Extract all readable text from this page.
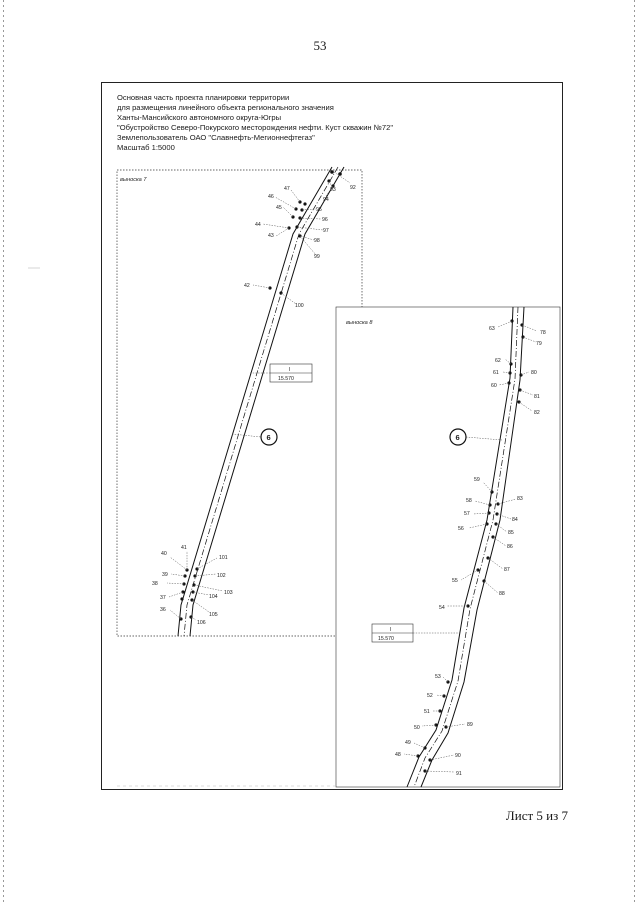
53
Основная часть проекта планировки территории
для размещения линейного объекта регионального значения
Ханты-Мансийского автономного округа-Югры
"Обустройство Северо-Покурского месторождения нефти. Куст скважин №72"
Землепользователь ОАО "Славнефть-Мегионнефтегаз"
Масштаб 1:5000
выноска 7
47
46
45
44
43
42
92
93
94
95
96
97
98
99
100
I
15.570
6
41
40
39
38
37
36
101
102
103
104
105
106
выноска 8
63
62
61
60
78
79
80
81
82
6
59
58
57
56
55
54
83
84
85
86
87
88
I
15.570
53
52
51
50
49
48
89
90
91
Лист 5 из 7
